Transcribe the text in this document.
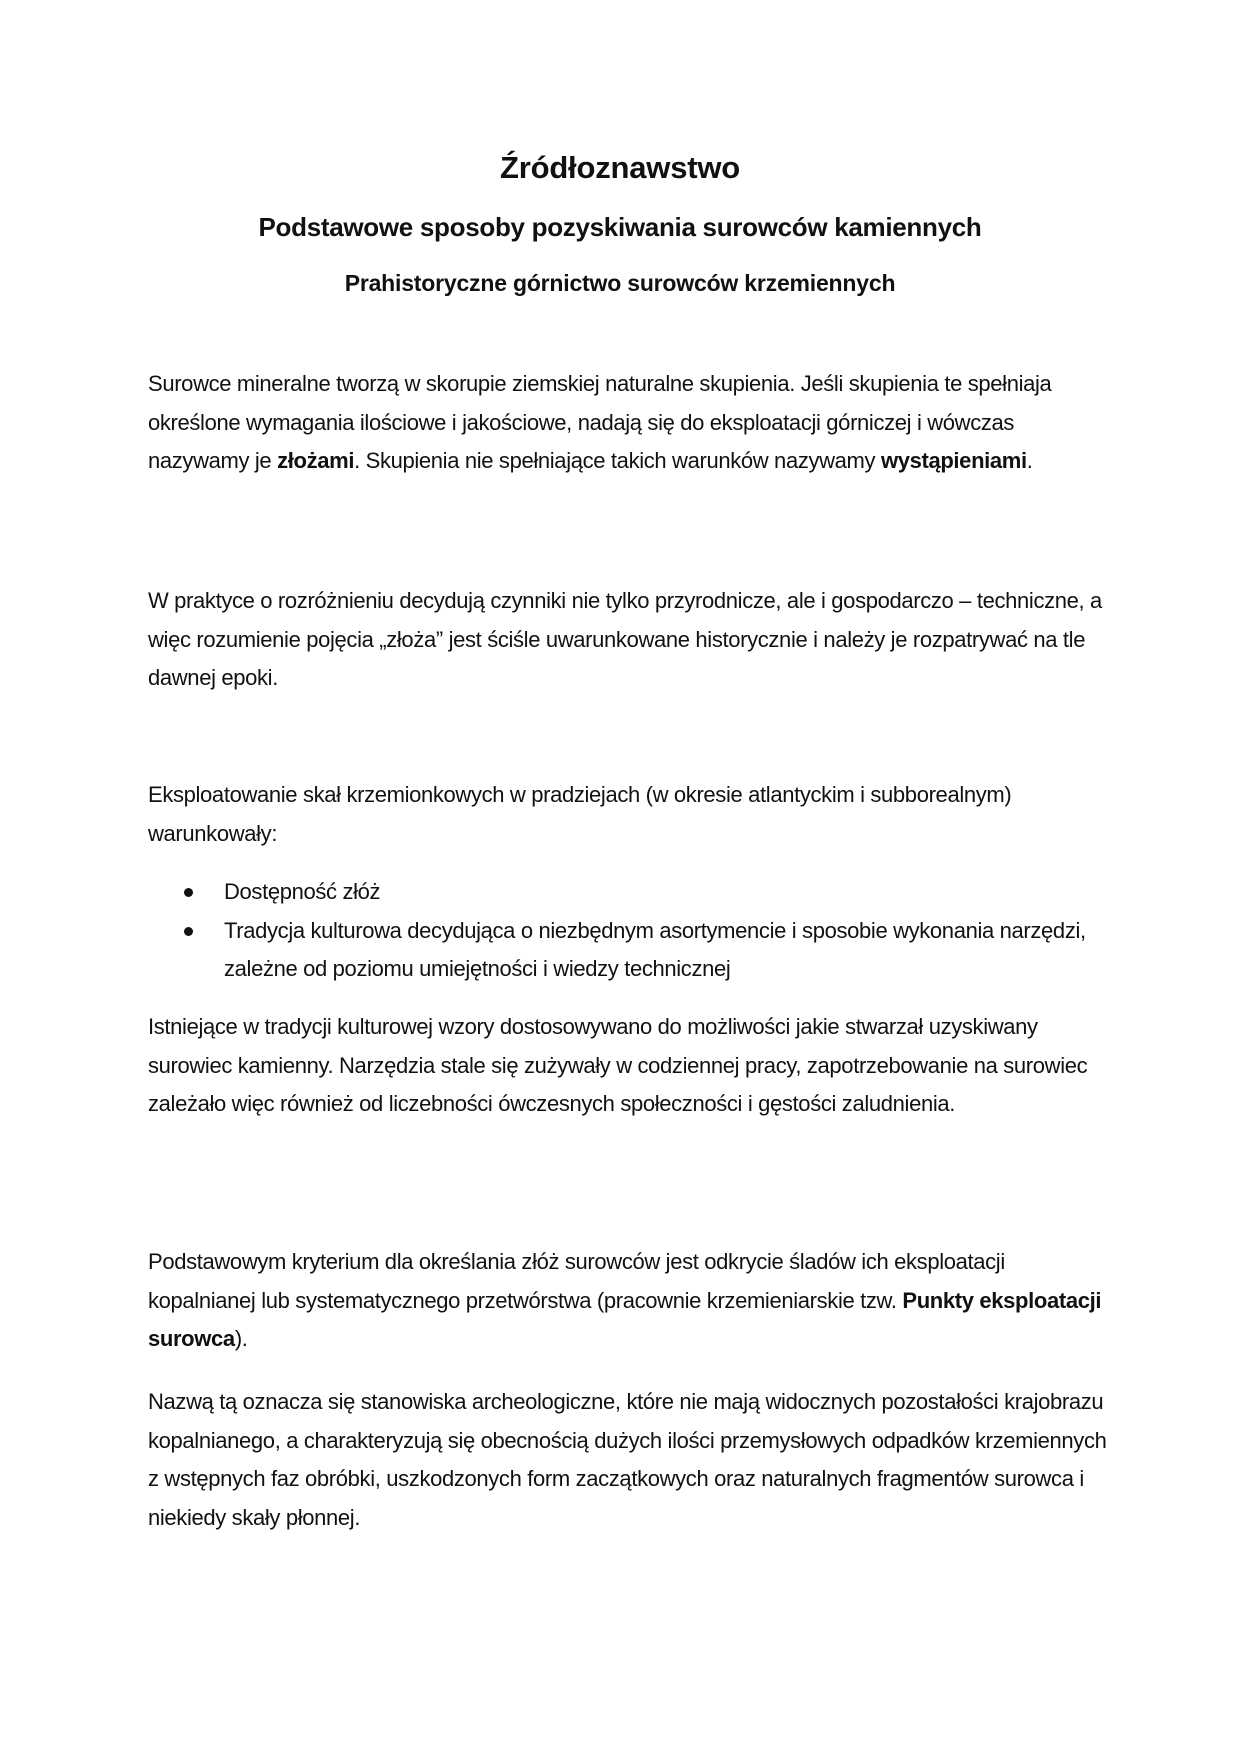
Źródłoznawstwo
Podstawowe sposoby pozyskiwania surowców kamiennych
Prahistoryczne górnictwo surowców krzemiennych

Surowce mineralne tworzą w skorupie ziemskiej naturalne skupienia. Jeśli skupienia te spełniaja określone wymagania ilościowe i jakościowe, nadają się do eksploatacji górniczej i wówczas nazywamy je złożami. Skupienia nie spełniające takich warunków nazywamy wystąpieniami.

W praktyce o rozróżnieniu decydują czynniki nie tylko przyrodnicze, ale i gospodarczo – techniczne, a więc rozumienie pojęcia „złoża” jest ściśle uwarunkowane historycznie i należy je rozpatrywać na tle dawnej epoki.

Eksploatowanie skał krzemionkowych w pradziejach (w okresie atlantyckim i subborealnym) warunkowały:

Dostępność złóż
Tradycja kulturowa decydująca o niezbędnym asortymencie i sposobie wykonania narzędzi, zależne od poziomu umiejętności i wiedzy technicznej

Istniejące w tradycji kulturowej wzory dostosowywano do możliwości jakie stwarzał uzyskiwany surowiec kamienny. Narzędzia stale się zużywały w codziennej pracy, zapotrzebowanie na surowiec zależało więc również od liczebności ówczesnych społeczności i gęstości zaludnienia.

Podstawowym kryterium dla określania złóż surowców jest odkrycie śladów ich eksploatacji kopalnianej lub systematycznego przetwórstwa (pracownie krzemieniarskie tzw. Punkty eksploatacji surowca).

Nazwą tą oznacza się stanowiska archeologiczne, które nie mają widocznych pozostałości krajobrazu kopalnianego, a charakteryzują się obecnością dużych ilości przemysłowych odpadków krzemiennych z wstępnych faz obróbki, uszkodzonych form zaczątkowych oraz naturalnych fragmentów surowca i niekiedy skały płonnej.
